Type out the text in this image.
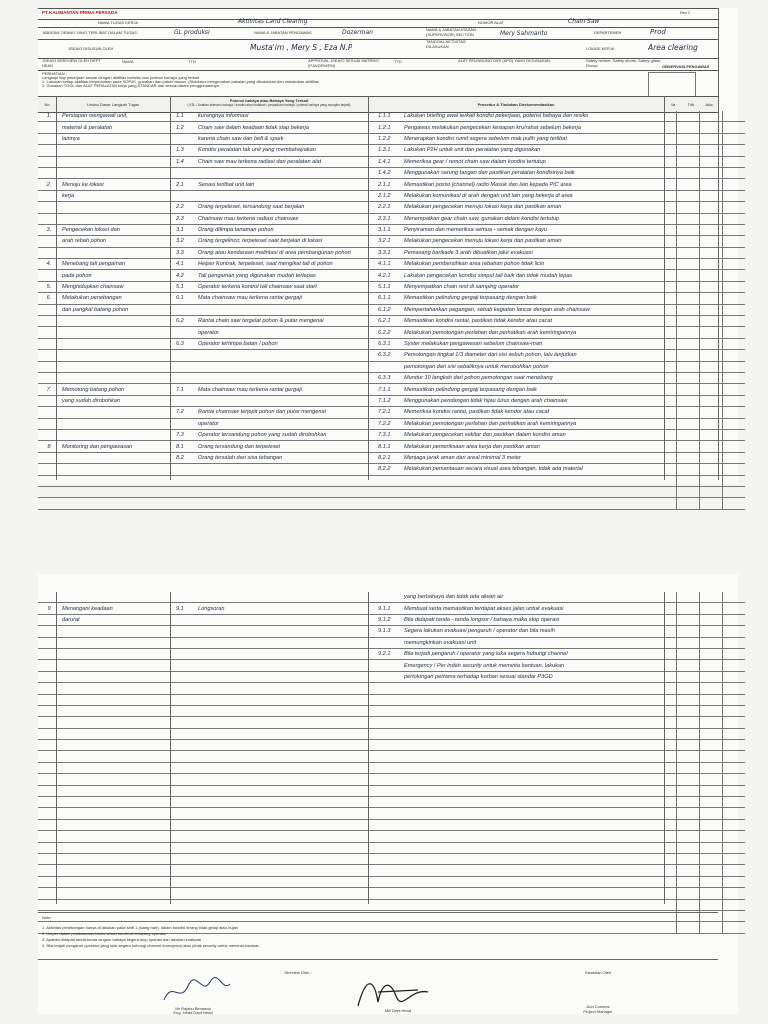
PT KALIMANTAN PRIMA PERSADA	Rev 0
NAMA TUGAS KERJA	Aktivitas Land Clearing	NOMOR ALAT	Chain Saw
JABATAN ORANG YANG TERLIBAT DALAM TUGAS	GL produksi	NAMA & JABATAN PENGAWAS	Dozerman	NAMA & JABATAN ATASAN (SUPERVISOR) SECTION	Mery Sahmanto	DEPARTEMEN	Prod
TANGGAL AKTIVITAS DILAKUKAN
JSEA/O DISUSUN OLEH	Musta'im , Mery S , Eza N.P	LOKASI KERJA	Area clearing
JSEA/O DIREVIEW OLEH DEPT HEAD
NAMA	TTD	APPROVAL JSEA/O SESUAI MATRIKS (PJA/DPM/PM)
TTD	ALAT PELINDUNG DIRI (APD) YANG DIGUNAKAN	Safety helmet, Safety shoes, Safety glass, Rompi	OBSERVASI PENGAWAS
PERHATIAN :
Lengkapi tiap pekerjaan sesuai dengan aktifitas berisiko dan potensi bahaya yang terkait
1. Lakukan setiap aktifitas berpedoman pada SOP/IK, gunakan dan patuhi aturan. (Stoblistor mengenakan pakaian yang dibutuhkan dan melakukan aktifitas
2. Gunakan TOOL dan ALAT PERALATAN kerja yang STANDAR dan sesuai dalam penggunaannya
No	Urutan Dasar Langkah Tugas
Potensi bahaya atau Bahaya Yang Terkait
( K3L / Uraikan skenario bahaya / kondisi atau tindakan / perpaduan bahaya / potensi bahaya yang mungkin terjadi)	Prosedur & Tindakan Direkomendasikan	Ya	Tdk	Ada
1.	Persiapan mengawali unit,	1.1	kurangnya informasi	1.1.1	Lakukan briefing awal terkait kondisi pekerjaan, potensi bahaya dan resiko			
	material & peralatan	1.2	Chain saw dalam keadaan tidak siap bekerja	1.2.1	Pengawas melakukan pengecekan kesiapan kru/rahat sebelum bekerja			
	lainnya		karena chain saw dan belt & spark	1.2.2	Menerapkan kondisi rumit segera sebelum mak pulih yang terlibat			
		1.3	Kondisi peralatan tak unit yang membahayakan	1.3.1	Lakukan P2H untuk unit dan peralatan yang digunakan			
		1.4	Chain saw mau terkena radiasi dari peralatan alat	1.4.1	Memeriksa gear / remot chain saw dalam kondisi tertutup			
				1.4.2	Menggunakan sarung tangan dan pastikan peralatan kondisinya baik			
2.	Menuju ke lokasi	2.1	Senasi terlibat unit lain	2.1.1	Memastikan posisi (channel) radio Masuk dan lain kepada P/C area			
	kerja			2.1.2	Melakukan komunikasi di arah dengan unit lain yang bekerja di area			
		2.2	Orang terpeleset, tersandung saat berjalan	2.2.1	Melakukan pengecekan menuju lokasi kerja dan pastikan aman			
		2.3	Chainsaw mau terkena radiasi chainsaw	2.3.1	Menempatkan gear chain saw, gunakan dalam kondisi tertutup			
3.	Pengecekan lokasi dan	3.1	Orang ditimpa tanaman pohon	3.1.1	Penyiraman dan memeriksa semua - semak dengan kayu			
	arah rebah pohon	3.2	Orang tergelincir, terpeleset saat berjalan di lokasi	3.2.1	Melakukan pengecekan menuju lokasi kerja dan pastikan aman			
		3.3	Orang atau kendaraan melintasi di area pembangunan pohon	3.3.1	Pemasang barikade 3 arah dibuatkan jalur evakuasi			
4.	Menebang tali pengaman	4.1	Helper Kontrak, terpeleset, saat mengikat tali di pohon	4.1.1	Melakukan pembersihkan area rebahan pohon tidak licin			
	pada pohon	4.2	Tali pengaman yang digunakan mudah terlepas	4.2.1	Lakukan pengecekan kondisi simpul tali baik dan tidak mudah lepas			
5.	Menghidupkan chainsaw	5.1	Operator terkena kontrol tali chainsaw saat start	5.1.1	Menyempatkan chain rest di samping operator			
6.	Melakukan penebangan	6.1	Mata chainsaw mau terkena rantai gergaji	6.1.1	Memastikan pelindung gergaji terpasang dengan baik			
	dan pangkal batang pohon			6.1.2	Mempertahankan pegangan, sebab kegiatan lancar dengan arah chainsaw			
		6.2	Rantai chain saw tergelat pohon & putar mengenai	6.2.1	Memastikan kondisi rantai, pastikan tidak kendor atau cacat			
			operator	6.2.2	Melakukan pemotongan perlahan dan perhatikan arah kemiringannya			
		6.3	Operator tertimpa batan / pohon	6.3.1	Syster melakukan pengawasan sebelum chainsaw-man			
				6.3.2	Pemotongan tingkat 1/3 diameter dari sisi sebuh pohon, lalu lanjutkan			
					pemotongan dari sisi sebaliknya untuk merobohkan pohon			
				6.3.3	Mundur 10 langkah dari pohon pemotongan saat menebang			
7.	Memotong batang pohon	7.1	Mata chainsaw mau terkena rantai gergaji	7.1.1	Memastikan pelindung gergaji terpasang dengan baik			
	yang sudah dirobohkan			7.1.2	Menggunakan pendangan tidak hijau lurus dengan arah chainsaw			
		7.2	Rantai chainsaw terjepit pohon dan putar mengenai	7.2.1	Memeriksa kondisi rantai, pastikan tidak kendor atau cacat			
			operator	7.2.2	Melakukan pemotongan perlahan dan perhatikan arah kemiringannya			
		7.3	Operator tersandung pohon yang sudah dirobohkan	7.3.1	Melakukan pengecekan sekitar dan pastikan dalam kondisi aman			
8	Monitoring dan pengawasan	8.1	Orang tersandung dan terpeleset	8.1.1	Melakukan pemeriksaan area kerja dan pastikan aman			
		8.2	Orang tersalah dari sisa tebangan	8.2.1	Menjaga jarak aman dari areal minimal 3 meter			
				8.2.2	Melakukan pemantauan secara visual area tebangan, tidak ada material			

					yang berbahaya dan tidak ada alwan air			
9	Menangani keadaan	9.1	Longsoran	9.1.1	Membuat serta memastikan terdapat akses jalan untuk evakuasi			
	darurat			9.1.2	Bila didapati tanda - tanda longsor / bahaya maka stop operasi			
				9.1.3	Segera lakukan evakuasi pengaruh / operator dan bila masih			
					memungkinkan evakuasi unit			
				9.2.1	Bila terjadi pengaruh / operator yang luka segera hubungi channel			
					Emergency / Per indah security untuk meminta bantuan, lakukan			
					pertolongan pertama terhadap korban sesuai standar P3GD			

Note:
1. Aktivitas penebangan hanya di lakukan pada shift 1 (siang hari), dalam kondisi terang tidak gelap atau hujan
2. Helper dalam pelaksanaan harus selalu berdiri di belakang operator
3. Apabila didapati tanda-tanda longsor bahaya segera stop operasi dan lakukan evakuasi
4. Bila terjadi pengaruh operator yang luka segera hubungi channel emergency atau pihak security untuk meminta bantuan
Direview Oleh :	Disahkan Oleh
Mr Rajabu Bimanda
Eng. Head Dept Head	Mill Dept Head
Aod Cosmos
Project Manager
